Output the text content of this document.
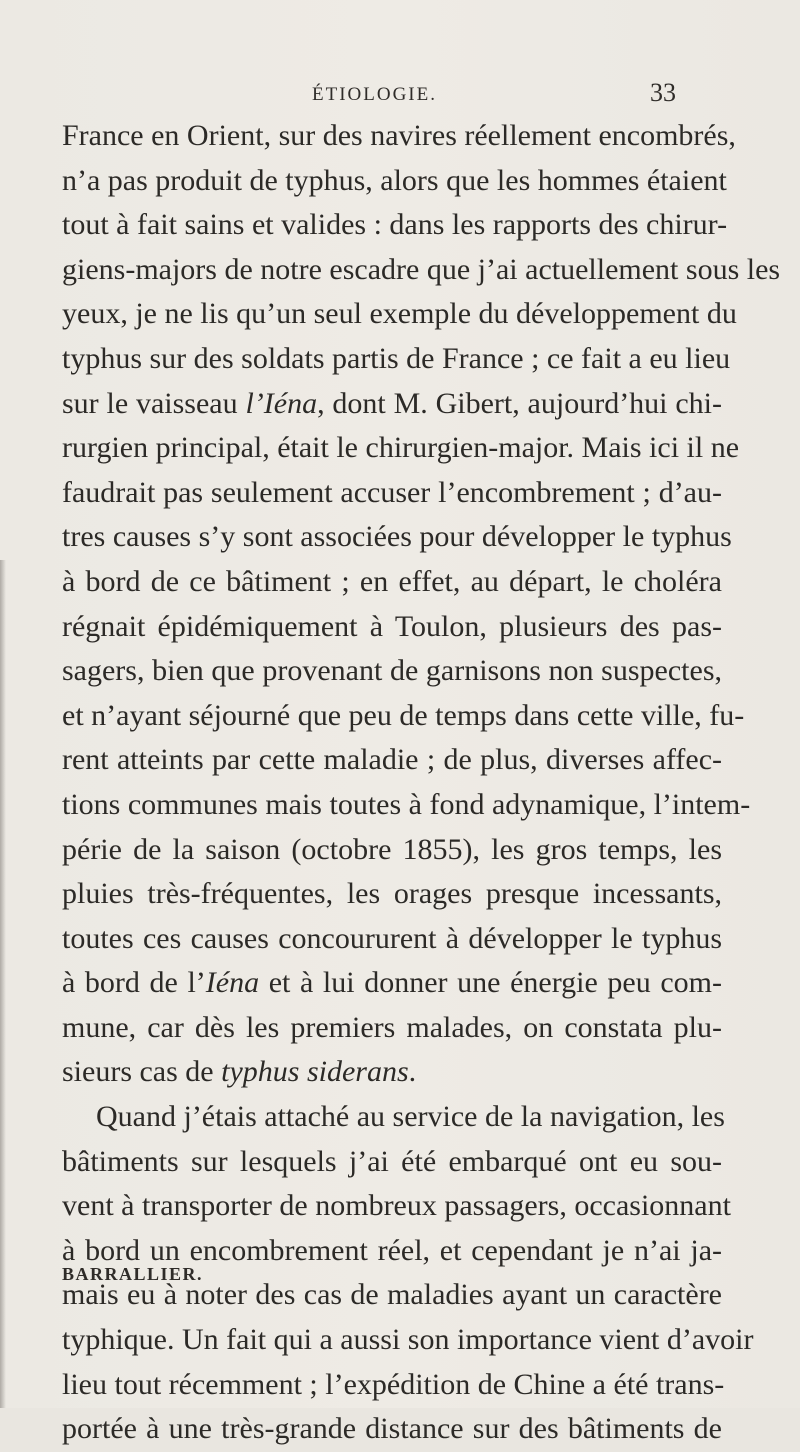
ÉTIOLOGIE.	33
France en Orient, sur des navires réellement encombrés,
n’a pas produit de typhus, alors que les hommes étaient
tout à fait sains et valides : dans les rapports des chirur-
giens-majors de notre escadre que j’ai actuellement sous les
yeux, je ne lis qu’un seul exemple du développement du
typhus sur des soldats partis de France ; ce fait a eu lieu
sur le vaisseau l’Iéna, dont M. Gibert, aujourd’hui chi-
rurgien principal, était le chirurgien-major. Mais ici il ne
faudrait pas seulement accuser l’encombrement ; d’au-
tres causes s’y sont associées pour développer le typhus
à bord de ce bâtiment ; en effet, au départ, le choléra
régnait épidémiquement à Toulon, plusieurs des pas-
sagers, bien que provenant de garnisons non suspectes,
et n’ayant séjourné que peu de temps dans cette ville, fu-
rent atteints par cette maladie ; de plus, diverses affec-
tions communes mais toutes à fond adynamique, l’intem-
périe de la saison (octobre 1855), les gros temps, les
pluies très-fréquentes, les orages presque incessants,
toutes ces causes concoururent à développer le typhus
à bord de l’Iéna et à lui donner une énergie peu com-
mune, car dès les premiers malades, on constata plu-
sieurs cas de typhus siderans.
Quand j’étais attaché au service de la navigation, les
bâtiments sur lesquels j’ai été embarqué ont eu sou-
vent à transporter de nombreux passagers, occasionnant
à bord un encombrement réel, et cependant je n’ai ja-
mais eu à noter des cas de maladies ayant un caractère
typhique. Un fait qui a aussi son importance vient d’avoir
lieu tout récemment ; l’expédition de Chine a été trans-
portée à une très-grande distance sur des bâtiments de
BARRALLIER.
